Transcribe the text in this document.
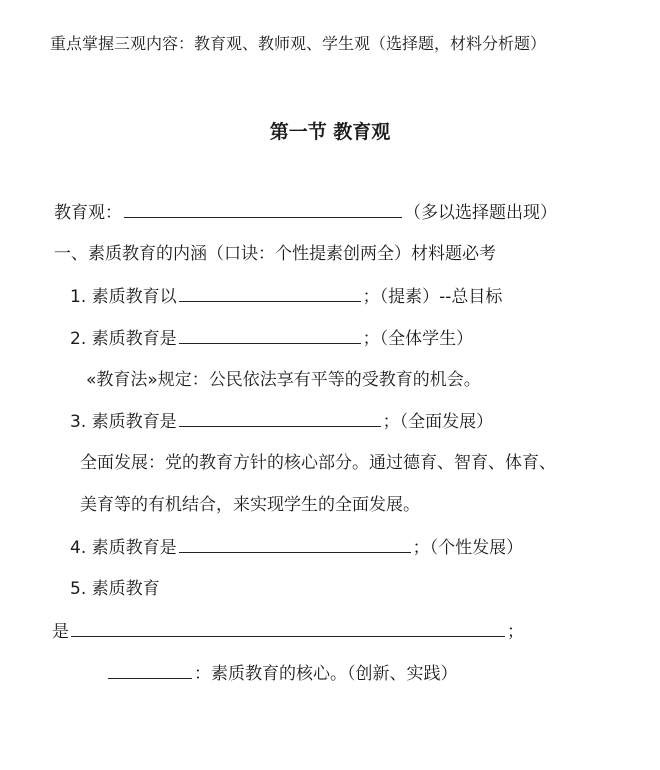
重点掌握三观内容：教育观、教师观、学生观（选择题，材料分析题）
第一节 教育观
教育观：	（多以选择题出现）
一、素质教育的内涵（口诀：个性提素创两全）材料题必考
1. 素质教育以	；（提素）--总目标
2. 素质教育是	；（全体学生）
«教育法»规定：公民依法享有平等的受教育的机会。
3. 素质教育是	；（全面发展）
全面发展：党的教育方针的核心部分。通过德育、智育、体育、
美育等的有机结合，来实现学生的全面发展。
4. 素质教育是	；（个性发展）
5. 素质教育
是	；
：素质教育的核心。（创新、实践）
